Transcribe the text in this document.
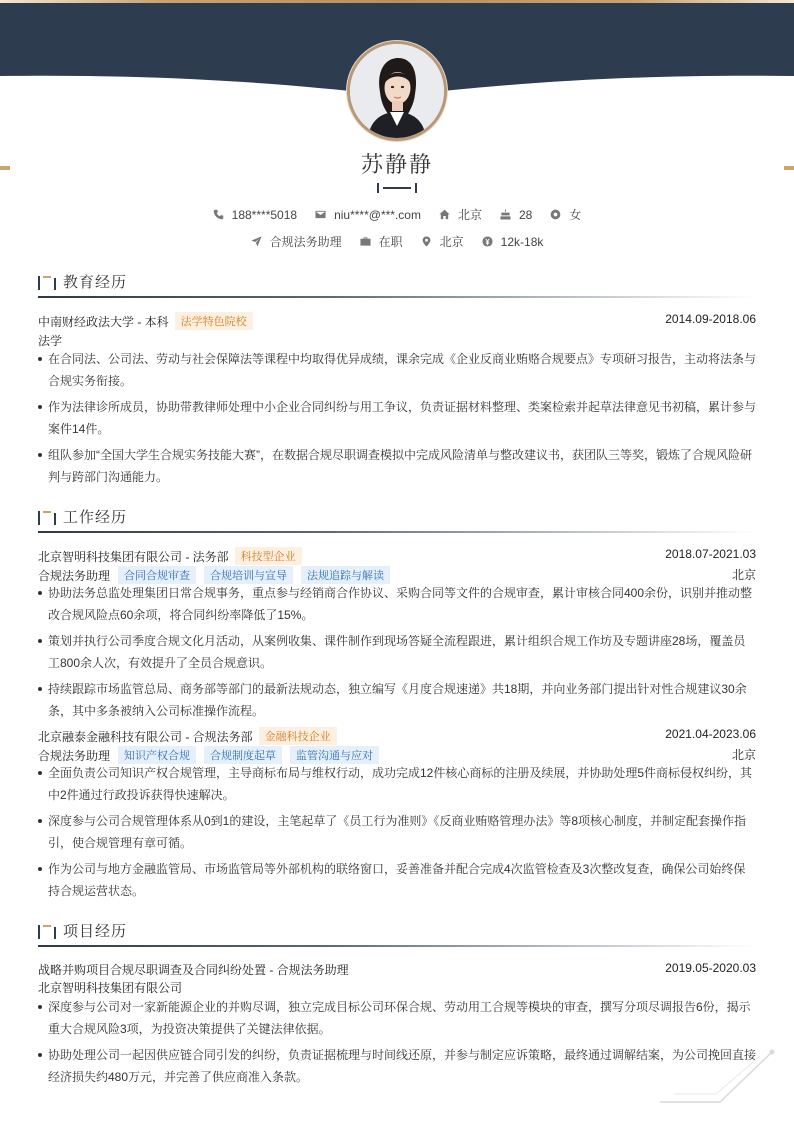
苏静静
188****5018	niu****@***.com	北京	28	女
合规法务助理	在职	北京	12k-18k
教育经历
中南财经政法大学 - 本科	法学特色院校	2014.09-2018.06
法学
在合同法、公司法、劳动与社会保障法等课程中均取得优异成绩，课余完成《企业反商业贿赂合规要点》专项研习报告，主动将法条与合规实务衔接。
作为法律诊所成员，协助带教律师处理中小企业合同纠纷与用工争议，负责证据材料整理、类案检索并起草法律意见书初稿，累计参与案件14件。
组队参加“全国大学生合规实务技能大赛”，在数据合规尽职调查模拟中完成风险清单与整改建议书，获团队三等奖，锻炼了合规风险研判与跨部门沟通能力。
工作经历
北京智明科技集团有限公司 - 法务部	科技型企业	2018.07-2021.03
合规法务助理	合同合规审查	合规培训与宣导	法规追踪与解读	北京
协助法务总监处理集团日常合规事务，重点参与经销商合作协议、采购合同等文件的合规审查，累计审核合同400余份，识别并推动整改合规风险点60余项，将合同纠纷率降低了15%。
策划并执行公司季度合规文化月活动，从案例收集、课件制作到现场答疑全流程跟进，累计组织合规工作坊及专题讲座28场，覆盖员工800余人次，有效提升了全员合规意识。
持续跟踪市场监管总局、商务部等部门的最新法规动态，独立编写《月度合规速递》共18期，并向业务部门提出针对性合规建议30余条，其中多条被纳入公司标准操作流程。
北京融泰金融科技有限公司 - 合规法务部	金融科技企业	2021.04-2023.06
合规法务助理	知识产权合规	合规制度起草	监管沟通与应对	北京
全面负责公司知识产权合规管理，主导商标布局与维权行动，成功完成12件核心商标的注册及续展，并协助处理5件商标侵权纠纷，其中2件通过行政投诉获得快速解决。
深度参与公司合规管理体系从0到1的建设，主笔起草了《员工行为准则》《反商业贿赂管理办法》等8项核心制度，并制定配套操作指引，使合规管理有章可循。
作为公司与地方金融监管局、市场监管局等外部机构的联络窗口，妥善准备并配合完成4次监管检查及3次整改复查，确保公司始终保持合规运营状态。
项目经历
战略并购项目合规尽职调查及合同纠纷处置 - 合规法务助理	2019.05-2020.03
北京智明科技集团有限公司
深度参与公司对一家新能源企业的并购尽调，独立完成目标公司环保合规、劳动用工合规等模块的审查，撰写分项尽调报告6份，揭示重大合规风险3项，为投资决策提供了关键法律依据。
协助处理公司一起因供应链合同引发的纠纷，负责证据梳理与时间线还原，并参与制定应诉策略，最终通过调解结案，为公司挽回直接经济损失约480万元，并完善了供应商准入条款。
